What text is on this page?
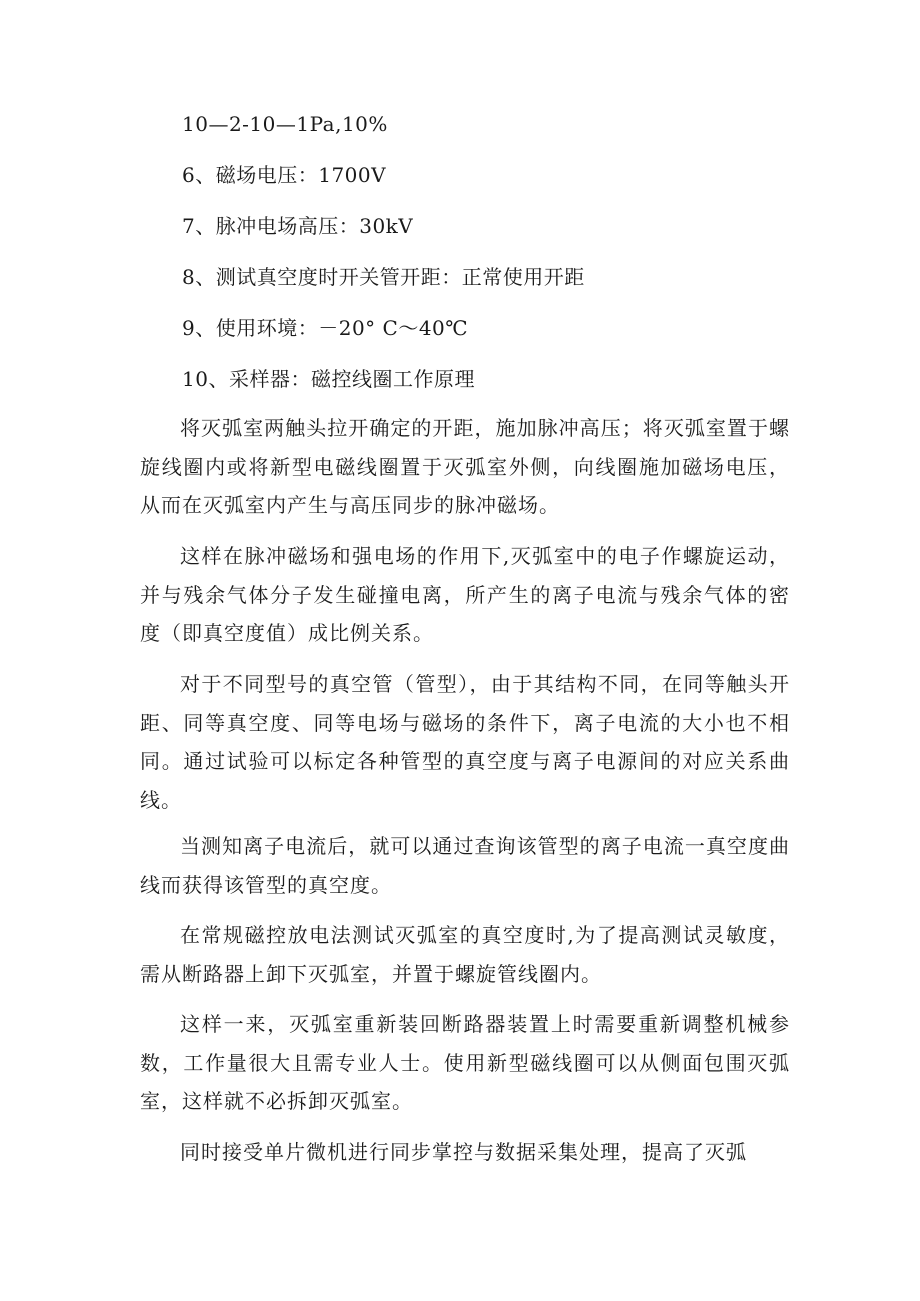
10—2-10—1Pa,10%
6、磁场电压：1700V
7、脉冲电场高压：30kV
8、测试真空度时开关管开距：正常使用开距
9、使用环境：－20° C～40℃
10、采样器：磁控线圈工作原理

将灭弧室两触头拉开确定的开距，施加脉冲高压；将灭弧室置于螺旋线圈内或将新型电磁线圈置于灭弧室外侧，向线圈施加磁场电压，从而在灭弧室内产生与高压同步的脉冲磁场。

这样在脉冲磁场和强电场的作用下,灭弧室中的电子作螺旋运动，并与残余气体分子发生碰撞电离，所产生的离子电流与残余气体的密度（即真空度值）成比例关系。

对于不同型号的真空管（管型），由于其结构不同，在同等触头开距、同等真空度、同等电场与磁场的条件下，离子电流的大小也不相同。通过试验可以标定各种管型的真空度与离子电源间的对应关系曲线。

当测知离子电流后，就可以通过查询该管型的离子电流一真空度曲线而获得该管型的真空度。

在常规磁控放电法测试灭弧室的真空度时,为了提高测试灵敏度，需从断路器上卸下灭弧室，并置于螺旋管线圈内。

这样一来，灭弧室重新装回断路器装置上时需要重新调整机械参数，工作量很大且需专业人士。使用新型磁线圈可以从侧面包围灭弧室，这样就不必拆卸灭弧室。

同时接受单片微机进行同步掌控与数据采集处理，提高了灭弧
